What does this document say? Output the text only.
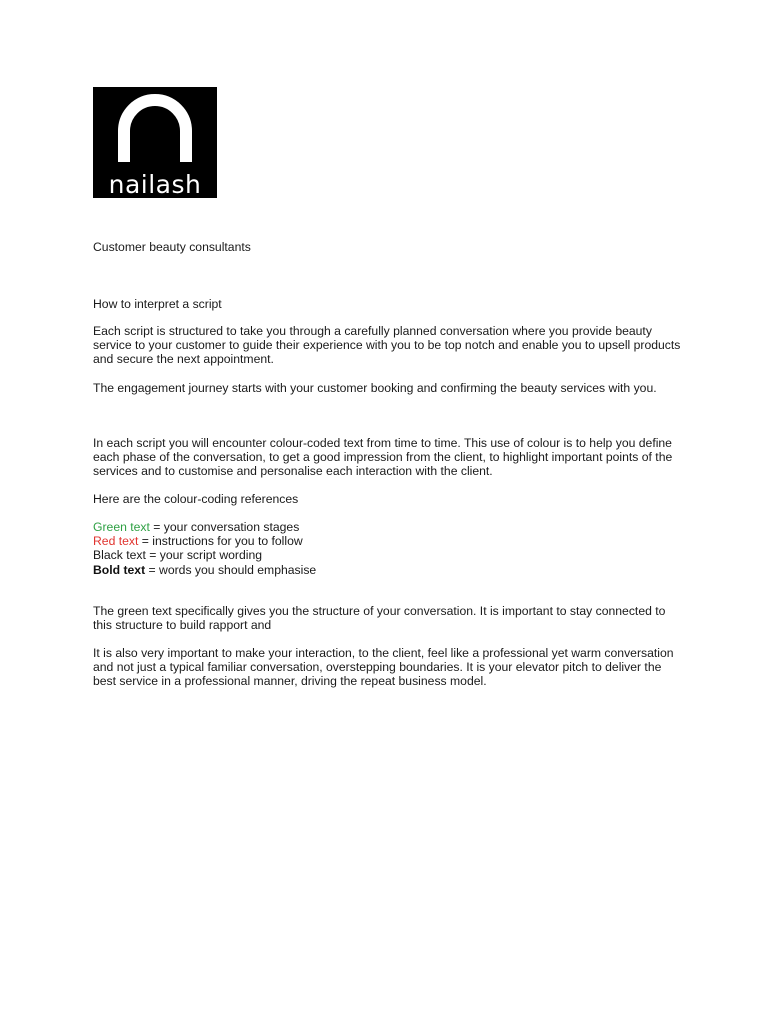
nailash

Customer beauty consultants

How to interpret a script

Each script is structured to take you through a carefully planned conversation where you provide beauty service to your customer to guide their experience with you to be top notch and enable you to upsell products and secure the next appointment.

The engagement journey starts with your customer booking and confirming the beauty services with you.

In each script you will encounter colour-coded text from time to time. This use of colour is to help you define each phase of the conversation, to get a good impression from the client, to highlight important points of the services and to customise and personalise each interaction with the client.

Here are the colour-coding references

Green text = your conversation stages
Red text = instructions for you to follow
Black text = your script wording
Bold text = words you should emphasise

The green text specifically gives you the structure of your conversation. It is important to stay connected to this structure to build rapport and

It is also very important to make your interaction, to the client, feel like a professional yet warm conversation and not just a typical familiar conversation, overstepping boundaries. It is your elevator pitch to deliver the best service in a professional manner, driving the repeat business model.
